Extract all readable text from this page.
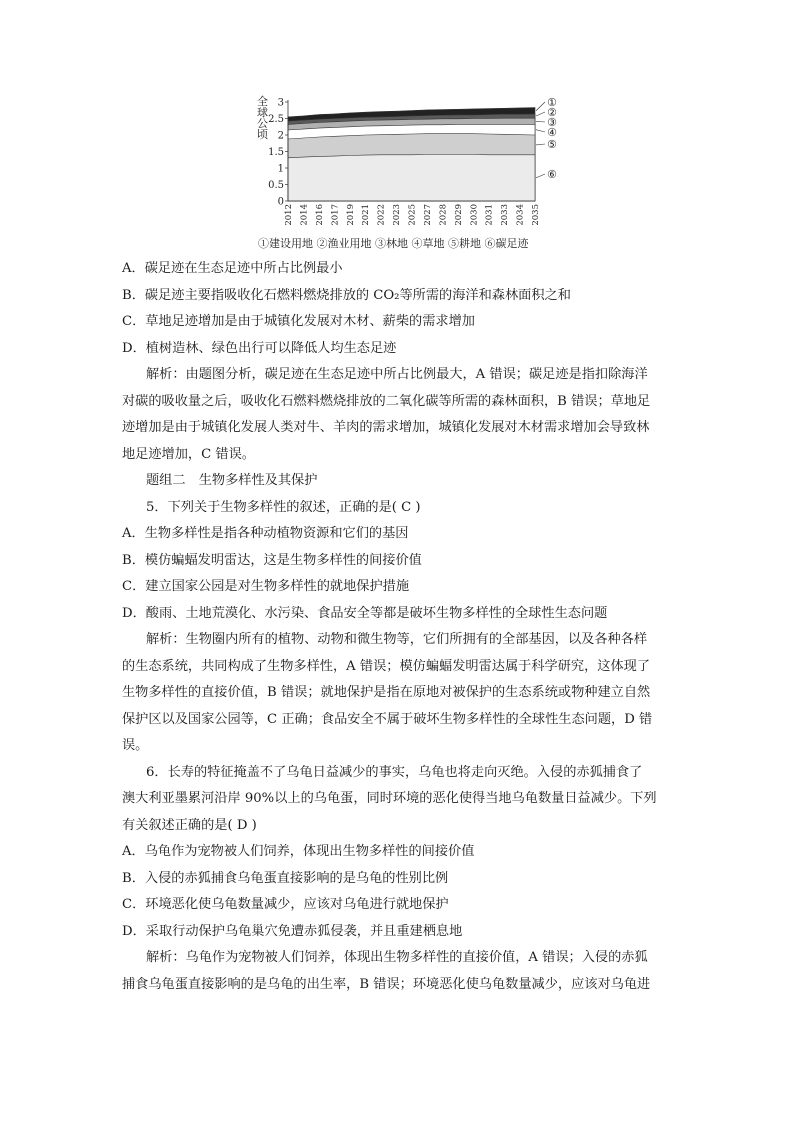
全球公顷
0
0.5
1
1.5
2
2.5
3
2012 2014 2016 2017 2019 2021 2022 2023 2025 2027 2028 2029 2030 2031 2033 2034 2035
①
②
③
④
⑤
⑥
①建设用地 ②渔业用地 ③林地 ④草地 ⑤耕地 ⑥碳足迹
A．碳足迹在生态足迹中所占比例最小
B．碳足迹主要指吸收化石燃料燃烧排放的 CO₂等所需的海洋和森林面积之和
C．草地足迹增加是由于城镇化发展对木材、薪柴的需求增加
D．植树造林、绿色出行可以降低人均生态足迹
解析：由题图分析，碳足迹在生态足迹中所占比例最大，A 错误；碳足迹是指扣除海洋
对碳的吸收量之后，吸收化石燃料燃烧排放的二氧化碳等所需的森林面积，B 错误；草地足
迹增加是由于城镇化发展人类对牛、羊肉的需求增加，城镇化发展对木材需求增加会导致林
地足迹增加，C 错误。
题组二　生物多样性及其保护
5．下列关于生物多样性的叙述，正确的是( C )
A．生物多样性是指各种动植物资源和它们的基因
B．模仿蝙蝠发明雷达，这是生物多样性的间接价值
C．建立国家公园是对生物多样性的就地保护措施
D．酸雨、土地荒漠化、水污染、食品安全等都是破坏生物多样性的全球性生态问题
解析：生物圈内所有的植物、动物和微生物等，它们所拥有的全部基因，以及各种各样
的生态系统，共同构成了生物多样性，A 错误；模仿蝙蝠发明雷达属于科学研究，这体现了
生物多样性的直接价值，B 错误；就地保护是指在原地对被保护的生态系统或物种建立自然
保护区以及国家公园等，C 正确；食品安全不属于破坏生物多样性的全球性生态问题，D 错
误。
6．长寿的特征掩盖不了乌龟日益减少的事实，乌龟也将走向灭绝。入侵的赤狐捕食了
澳大利亚墨累河沿岸 90%以上的乌龟蛋，同时环境的恶化使得当地乌龟数量日益减少。下列
有关叙述正确的是( D )
A．乌龟作为宠物被人们饲养，体现出生物多样性的间接价值
B．入侵的赤狐捕食乌龟蛋直接影响的是乌龟的性别比例
C．环境恶化使乌龟数量减少，应该对乌龟进行就地保护
D．采取行动保护乌龟巢穴免遭赤狐侵袭，并且重建栖息地
解析：乌龟作为宠物被人们饲养，体现出生物多样性的直接价值，A 错误；入侵的赤狐
捕食乌龟蛋直接影响的是乌龟的出生率，B 错误；环境恶化使乌龟数量减少，应该对乌龟进
